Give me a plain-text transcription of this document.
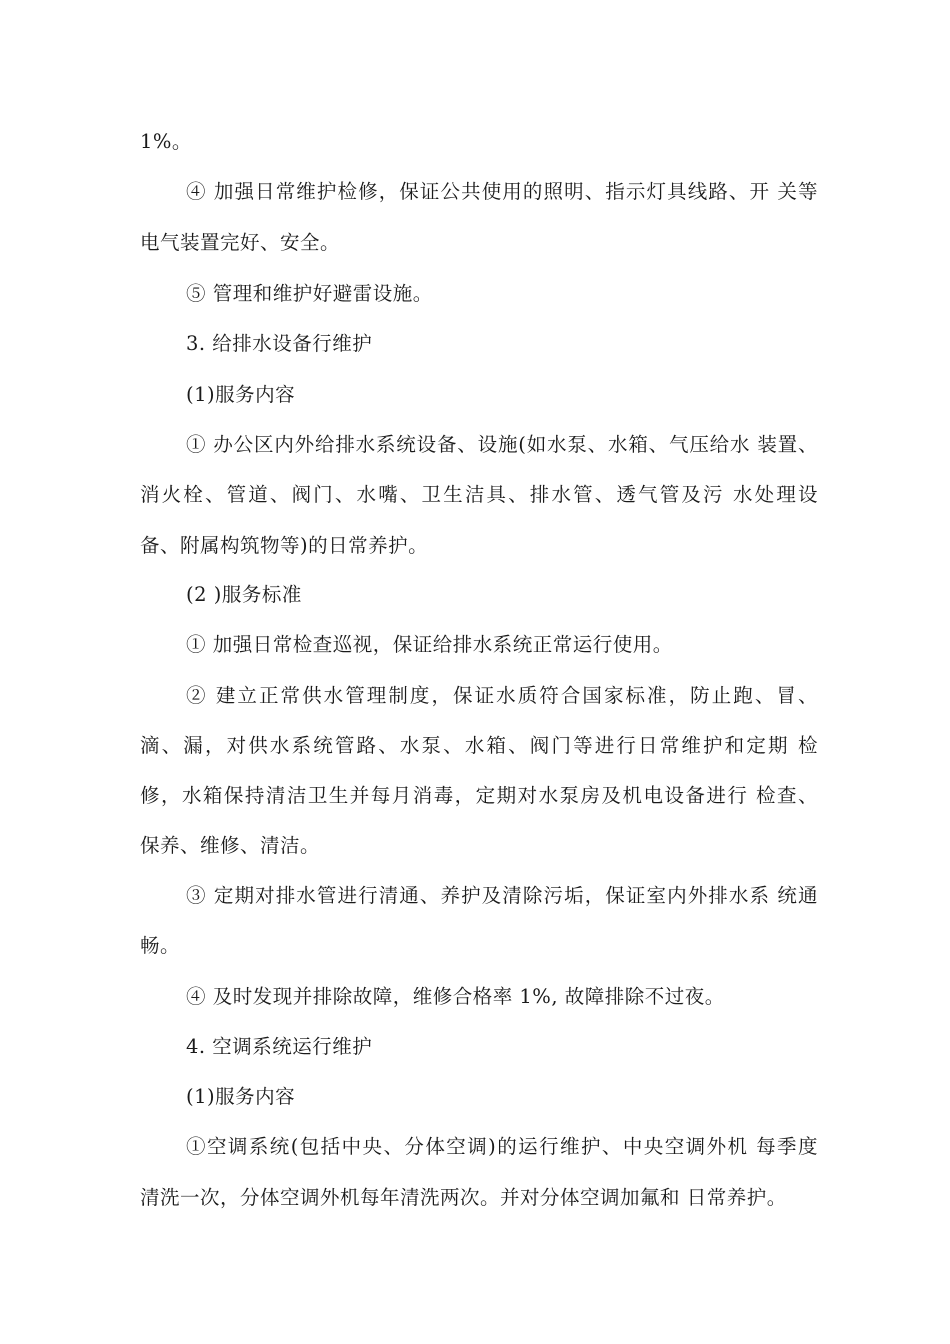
1%。
④ 加强日常维护检修，保证公共使用的照明、指示灯具线路、开 关等
电气装置完好、安全。
⑤ 管理和维护好避雷设施。
3. 给排水设备行维护
(1)服务内容
① 办公区内外给排水系统设备、设施(如水泵、水箱、气压给水 装置、
消火栓、管道、阀门、水嘴、卫生洁具、排水管、透气管及污 水处理设
备、附属构筑物等)的日常养护。
(2 )服务标准
① 加强日常检查巡视，保证给排水系统正常运行使用。
② 建立正常供水管理制度，保证水质符合国家标准，防止跑、冒、
滴、漏，对供水系统管路、水泵、水箱、阀门等进行日常维护和定期 检
修，水箱保持清洁卫生并每月消毒，定期对水泵房及机电设备进行 检查、
保养、维修、清洁。
③ 定期对排水管进行清通、养护及清除污垢，保证室内外排水系 统通
畅。
④ 及时发现并排除故障，维修合格率 1%, 故障排除不过夜。
4. 空调系统运行维护
(1)服务内容
①空调系统(包括中央、分体空调)的运行维护、中央空调外机 每季度
清洗一次，分体空调外机每年清洗两次。并对分体空调加氟和 日常养护。
